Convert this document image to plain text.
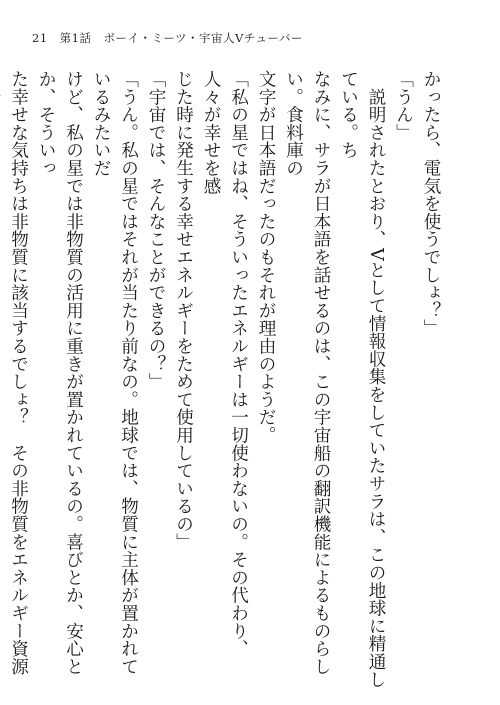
21 第1話　ボーイ・ミーツ・宇宙人Vチューバー

かったら、電気を使うでしょ？」

「うん」

　説明されたとおり、Vとして情報収集をしていたサラは、この地球に精通している。ち

なみに、サラが日本語を話せるのは、この宇宙船の翻訳機能によるものらしい。食料庫の

文字が日本語だったのもそれが理由のようだ。

「私の星ではね、そういったエネルギーは一切使わないの。その代わり、人々が幸せを感

じた時に発生する幸せエネルギーをためて使用しているの」

「宇宙では、そんなことができるの？」

「うん。私の星ではそれが当たり前なの。地球では、物質に主体が置かれているみたいだ

けど、私の星では非物質の活用に重きが置かれているの。喜びとか、安心とか、そういっ

た幸せな気持ちは非物質に該当するでしょ？　その非物質をエネルギー資源
